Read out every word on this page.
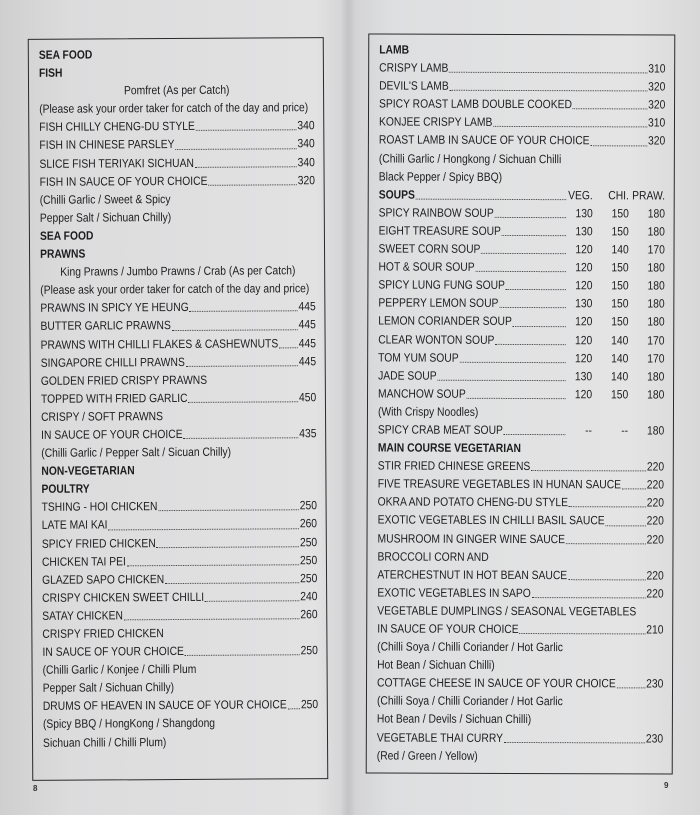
SEA FOOD
FISH
Pomfret (As per Catch)
(Please ask your order taker for catch of the day and price)
FISH CHILLY CHENG-DU STYLE	340
FISH IN CHINESE PARSLEY	340
SLICE FISH TERIYAKI SICHUAN	340
FISH IN SAUCE OF YOUR CHOICE	320
(Chilli Garlic / Sweet & Spicy
Pepper Salt / Sichuan Chilly)
SEA FOOD
PRAWNS
King Prawns / Jumbo Prawns / Crab (As per Catch)
(Please ask your order taker for catch of the day and price)
PRAWNS IN SPICY YE HEUNG	445
BUTTER GARLIC PRAWNS	445
PRAWNS WITH CHILLI FLAKES & CASHEWNUTS 445
SINGAPORE CHILLI PRAWNS	445
GOLDEN FRIED CRISPY PRAWNS
TOPPED WITH FRIED GARLIC	450
CRISPY / SOFT PRAWNS
IN SAUCE OF YOUR CHOICE	435
(Chilli Garlic / Pepper Salt / Sicuan Chilly)
NON-VEGETARIAN
POULTRY
TSHING - HOI CHICKEN	250
LATE MAI KAI	260
SPICY FRIED CHICKEN	250
CHICKEN TAI PEI	250
GLAZED SAPO CHICKEN	250
CRISPY CHICKEN SWEET CHILLI	240
SATAY CHICKEN	260
CRISPY FRIED CHICKEN
IN SAUCE OF YOUR CHOICE	250
(Chilli Garlic / Konjee / Chilli Plum
Pepper Salt / Sichuan Chilly)
DRUMS OF HEAVEN IN SAUCE OF YOUR CHOICE 250
(Spicy BBQ / HongKong / Shangdong
Sichuan Chilli / Chilli Plum)
8
LAMB
CRISPY LAMB	310
DEVIL'S LAMB	320
SPICY ROAST LAMB DOUBLE COOKED	320
KONJEE CRISPY LAMB	310
ROAST LAMB IN SAUCE OF YOUR CHOICE	320
(Chilli Garlic / Hongkong / Sichuan Chilli
Black Pepper / Spicy BBQ)
SOUPS	VEG.	CHI. PRAW.
SPICY RAINBOW SOUP	130	150	180
EIGHT TREASURE SOUP	130	150	180
SWEET CORN SOUP	120	140	170
HOT & SOUR SOUP	120	150	180
SPICY LUNG FUNG SOUP	120	150	180
PEPPERY LEMON SOUP	130	150	180
LEMON CORIANDER SOUP	120	150	180
CLEAR WONTON SOUP	120	140	170
TOM YUM SOUP	120	140	170
JADE SOUP	130	140	180
MANCHOW SOUP	120	150	180
(With Crispy Noodles)
SPICY CRAB MEAT SOUP	--	--	180
MAIN COURSE VEGETARIAN
STIR FRIED CHINESE GREENS	220
FIVE TREASURE VEGETABLES IN HUNAN SAUCE 220
OKRA AND POTATO CHENG-DU STYLE	220
EXOTIC VEGETABLES IN CHILLI BASIL SAUCE	220
MUSHROOM IN GINGER WINE SAUCE	220
BROCCOLI CORN AND
ATERCHESTNUT IN HOT BEAN SAUCE	220
EXOTIC VEGETABLES IN SAPO	220
VEGETABLE DUMPLINGS / SEASONAL VEGETABLES
IN SAUCE OF YOUR CHOICE	210
(Chilli Soya / Chilli Coriander / Hot Garlic
Hot Bean / Sichuan Chilli)
COTTAGE CHEESE IN SAUCE OF YOUR CHOICE	230
(Chilli Soya / Chilli Coriander / Hot Garlic
Hot Bean / Devils / Sichuan Chilli)
VEGETABLE THAI CURRY	230
(Red / Green / Yellow)
9
